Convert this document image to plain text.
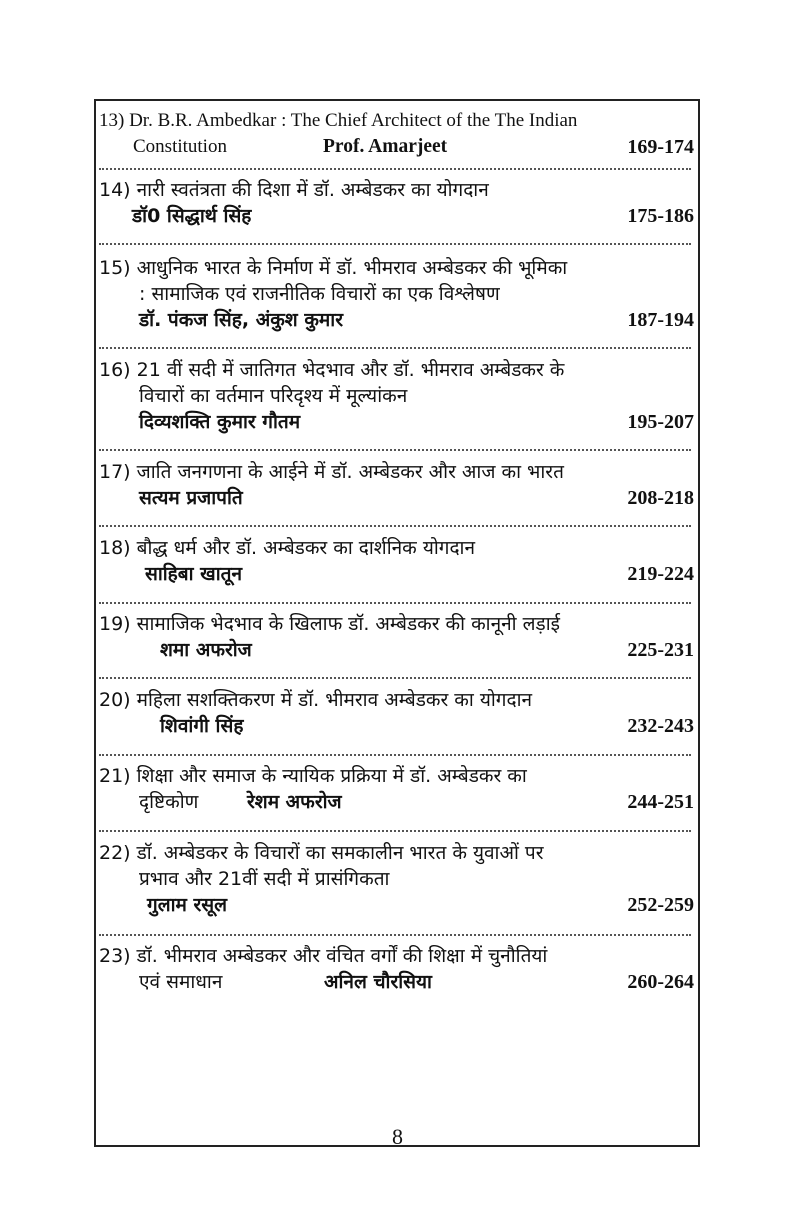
13) Dr. B.R. Ambedkar : The Chief Architect of the The Indian
Constitution	Prof. Amarjeet	169-174
14) नारी स्वतंत्रता की दिशा में डॉ. अम्बेडकर का योगदान
डॉ0 सिद्धार्थ सिंह	175-186
15) आधुनिक भारत के निर्माण में डॉ. भीमराव अम्बेडकर की भूमिका
: सामाजिक एवं राजनीतिक विचारों का एक विश्लेषण
डॉ. पंकज सिंह, अंकुश कुमार	187-194
16) 21 वीं सदी में जातिगत भेदभाव और डॉ. भीमराव अम्बेडकर के
विचारों का वर्तमान परिदृश्य में मूल्यांकन
दिव्यशक्ति कुमार गौतम	195-207
17) जाति जनगणना के आईने में डॉ. अम्बेडकर और आज का भारत
सत्यम प्रजापति	208-218
18) बौद्ध धर्म और डॉ. अम्बेडकर का दार्शनिक योगदान
साहिबा खातून	219-224
19) सामाजिक भेदभाव के खिलाफ डॉ. अम्बेडकर की कानूनी लड़ाई
शमा अफरोज	225-231
20) महिला सशक्तिकरण में डॉ. भीमराव अम्बेडकर का योगदान
शिवांगी सिंह	232-243
21) शिक्षा और समाज के न्यायिक प्रक्रिया में डॉ. अम्बेडकर का
दृष्टिकोण	रेशम अफरोज	244-251
22) डॉ. अम्बेडकर के विचारों का समकालीन भारत के युवाओं पर
प्रभाव और 21वीं सदी में प्रासंगिकता
गुलाम रसूल	252-259
23) डॉ. भीमराव अम्बेडकर और वंचित वर्गों की शिक्षा में चुनौतियां
एवं समाधान	अनिल चौरसिया	260-264
8
